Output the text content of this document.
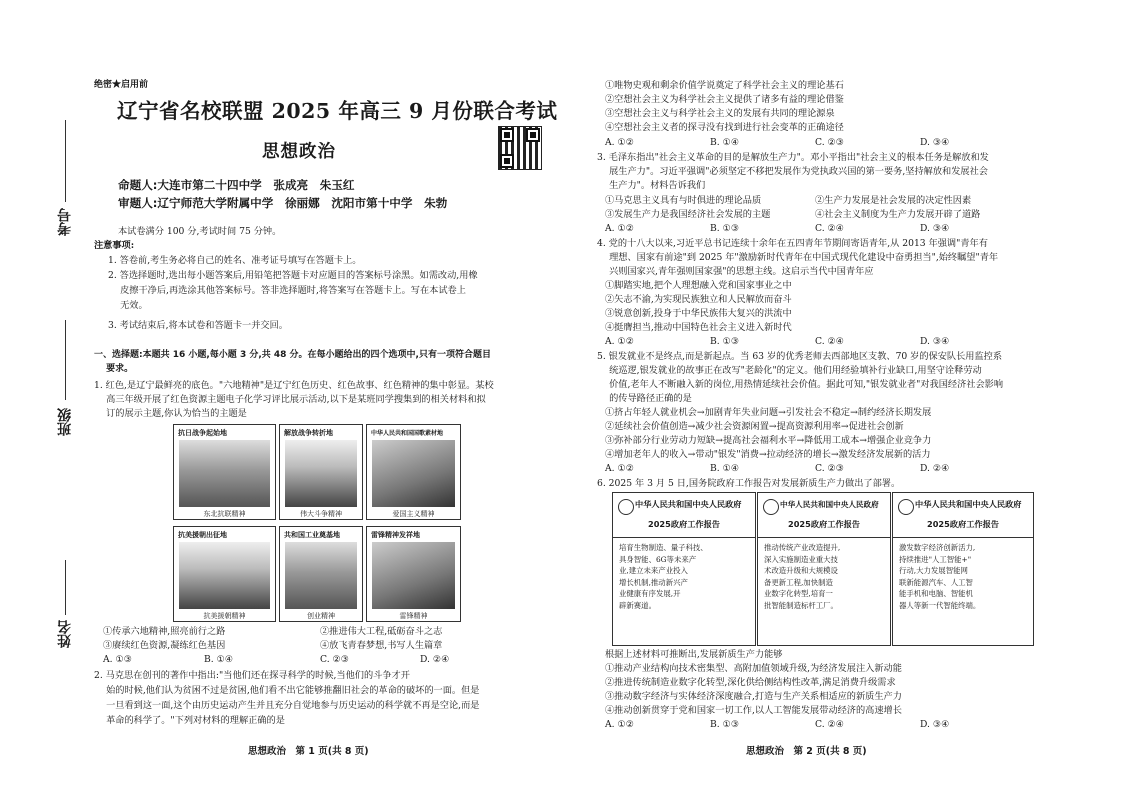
考号
班级
姓名
绝密★启用前
辽宁省名校联盟 2025 年高三 9 月份联合考试
思想政治
命题人:大连市第二十四中学　张成亮　朱玉红
审题人:辽宁师范大学附属中学　徐丽娜　沈阳市第十中学　朱勃
本试卷满分 100 分,考试时间 75 分钟。
注意事项:
1. 答卷前,考生务必将自己的姓名、准考证号填写在答题卡上。
2. 答选择题时,选出每小题答案后,用铅笔把答题卡对应题目的答案标号涂黑。如需改动,用橡
　 皮擦干净后,再选涂其他答案标号。答非选择题时,将答案写在答题卡上。写在本试卷上
　 无效。
3. 考试结束后,将本试卷和答题卡一并交回。
一、选择题:本题共 16 小题,每小题 3 分,共 48 分。在每小题给出的四个选项中,只有一项符合题目
　 要求。
1. 红色,是辽宁最鲜亮的底色。"六地精神"是辽宁红色历史、红色故事、红色精神的集中彰显。某校
　 高三年级开展了红色资源主题电子化学习评比展示活动,以下是某班同学搜集到的相关材料和拟
　 订的展示主题,你认为恰当的主题是
抗日战争起始地
东北抗联精神
解放战争转折地
伟大斗争精神
中华人民共和国国歌素材地
爱国主义精神
抗美援朝出征地
抗美援朝精神
共和国工业奠基地
创业精神
雷锋精神发祥地
雷锋精神
①传承六地精神,照亮前行之路	②推进伟大工程,砥砺奋斗之志
③赓续红色资源,凝练红色基因	④放飞青春梦想,书写人生篇章
A. ①③	B. ①④	C. ②③	D. ②④
2. 马克思在创刊的著作中指出:"当他们还在探寻科学的时候,当他们的斗争才开
　 始的时候,他们认为贫困不过是贫困,他们看不出它能够推翻旧社会的革命的破坏的一面。但是
　 一旦看到这一面,这个由历史运动产生并且充分自觉地参与历史运动的科学就不再是空论,而是
　 革命的科学了。"下列对材料的理解正确的是
思想政治　第 1 页(共 8 页)
①唯物史观和剩余价值学说奠定了科学社会主义的理论基石
②空想社会主义为科学社会主义提供了诸多有益的理论借鉴
③空想社会主义与科学社会主义的发展有共同的理论源泉
④空想社会主义者的探寻没有找到进行社会变革的正确途径
A. ①②	B. ①④	C. ②③	D. ③④
3. 毛泽东指出"社会主义革命的目的是解放生产力"。邓小平指出"社会主义的根本任务是解放和发
　 展生产力"。习近平强调"必须坚定不移把发展作为党执政兴国的第一要务,坚持解放和发展社会
　 生产力"。材料告诉我们
①马克思主义具有与时俱进的理论品质	②生产力发展是社会发展的决定性因素
③发展生产力是我国经济社会发展的主题	④社会主义制度为生产力发展开辟了道路
A. ①②	B. ①③	C. ②④	D. ③④
4. 党的十八大以来,习近平总书记连续十余年在五四青年节期间寄语青年,从 2013 年强调"青年有
　 理想、国家有前途"到 2025 年"激励新时代青年在中国式现代化建设中奋勇担当",始终瞩望"青年
　 兴则国家兴,青年强则国家强"的思想主线。这启示当代中国青年应
①脚踏实地,把个人理想融入党和国家事业之中
②矢志不渝,为实现民族独立和人民解放而奋斗
③锐意创新,投身于中华民族伟大复兴的洪流中
④挺膺担当,推动中国特色社会主义进入新时代
A. ①②	B. ①③	C. ②④	D. ③④
5. 银发就业不是终点,而是新起点。当 63 岁的优秀老师去西部地区支教、70 岁的保安队长用监控系
　 统巡逻,银发就业的故事正在改写"老龄化"的定义。他们用经验填补行业缺口,用坚守诠释劳动
　 价值,老年人不断融入新的岗位,用热情延续社会价值。据此可知,"银发就业者"对我国经济社会影响
　 的传导路径正确的是
①挤占年轻人就业机会→加剧青年失业问题→引发社会不稳定→制约经济长期发展
②延续社会价值创造→减少社会资源闲置→提高资源利用率→促进社会创新
③弥补部分行业劳动力短缺→提高社会福利水平→降低用工成本→增强企业竞争力
④增加老年人的收入→带动"银发"消费→拉动经济的增长→激发经济发展新的活力
A. ①②	B. ①④	C. ②③	D. ②④
6. 2025 年 3 月 5 日,国务院政府工作报告对发展新质生产力做出了部署。
中华人民共和国中央人民政府
2025政府工作报告
培育生物制造、量子科技、
具身智能、6G等未来产
业,建立未来产业投入
增长机制,推动新兴产
业健康有序发展,开
辟新赛道。
中华人民共和国中央人民政府
2025政府工作报告
推动传统产业改造提升,
深入实施制造业重大技
术改造升级和大规模设
备更新工程,加快制造
业数字化转型,培育一
批智能制造标杆工厂。
中华人民共和国中央人民政府
2025政府工作报告
激发数字经济创新活力,
持续推进"人工智能+"
行动,大力发展智能网
联新能源汽车、人工智
能手机和电脑、智能机
器人等新一代智能终端。
根据上述材料可推断出,发展新质生产力能够
①推动产业结构向技术密集型、高附加值领域升级,为经济发展注入新动能
②推进传统制造业数字化转型,深化供给侧结构性改革,满足消费升级需求
③推动数字经济与实体经济深度融合,打造与生产关系相适应的新质生产力
④推动创新贯穿于党和国家一切工作,以人工智能发展带动经济的高速增长
A. ①②	B. ①③	C. ②④	D. ③④
思想政治　第 2 页(共 8 页)
